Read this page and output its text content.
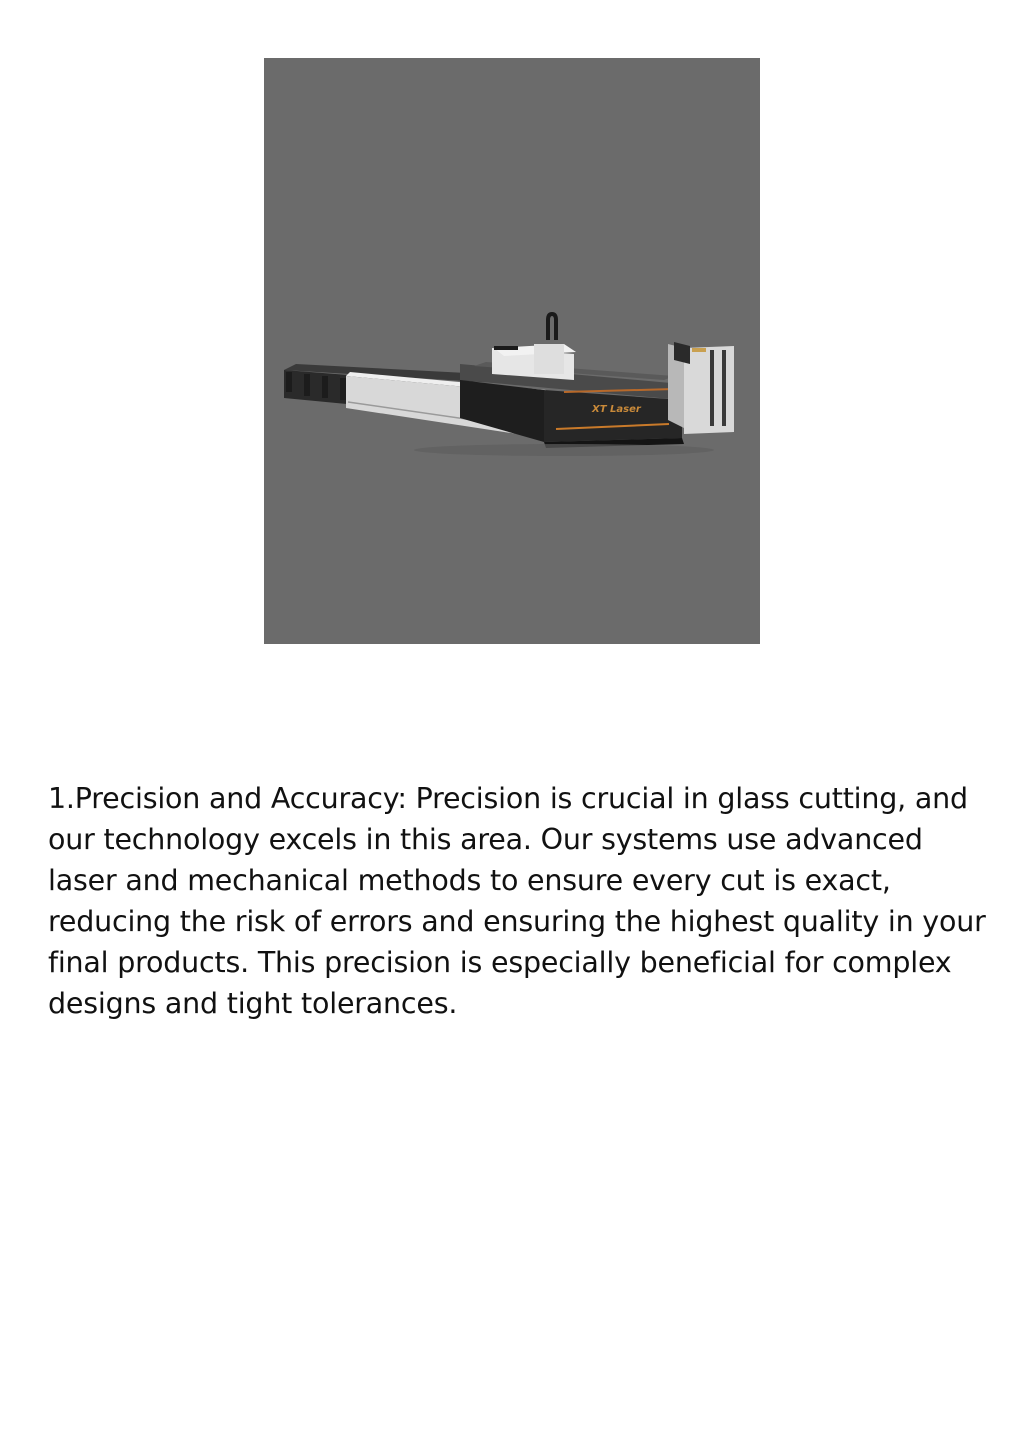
XT Laser

1.Precision and Accuracy: Precision is crucial in glass cutting, and our technology excels in this area. Our systems use advanced laser and mechanical methods to ensure every cut is exact, reducing the risk of errors and ensuring the highest quality in your final products. This precision is especially beneficial for complex designs and tight tolerances.
